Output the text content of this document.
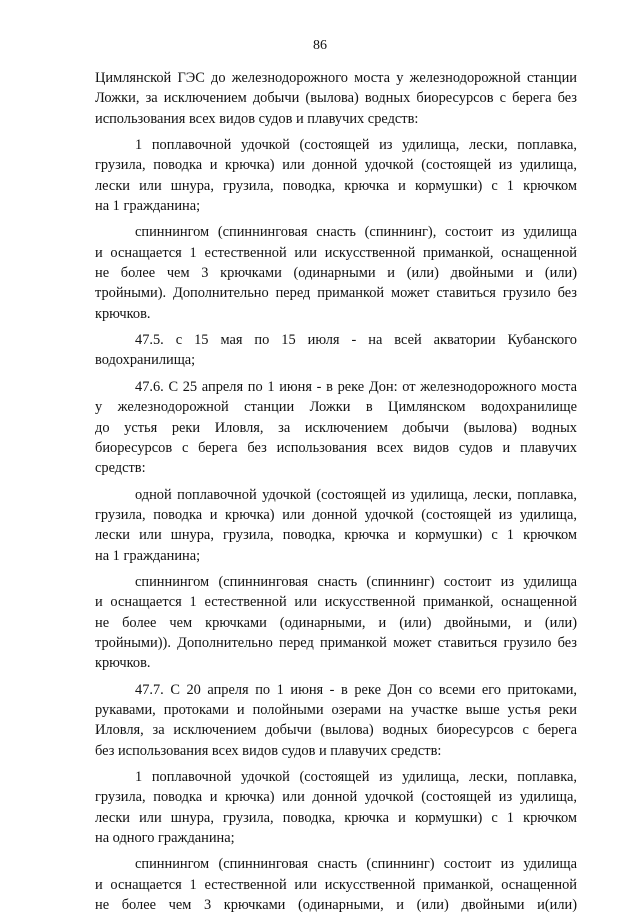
86
Цимлянской ГЭС до железнодорожного моста у железнодорожной станции
Ложки, за исключением добычи (вылова) водных биоресурсов с берега без
использования всех видов судов и плавучих средств:
1 поплавочной удочкой (состоящей из удилища, лески, поплавка,
грузила, поводка и крючка) или донной удочкой (состоящей из удилища,
лески или шнура, грузила, поводка, крючка и кормушки) с 1 крючком
на 1 гражданина;
спиннингом (спиннинговая снасть (спиннинг), состоит из удилища
и оснащается 1 естественной или искусственной приманкой, оснащенной
не более чем 3 крючками (одинарными и (или) двойными и (или)
тройными). Дополнительно перед приманкой может ставиться грузило без
крючков.
47.5. с 15 мая по 15 июля - на всей акватории Кубанского
водохранилища;
47.6. С 25 апреля по 1 июня - в реке Дон: от железнодорожного моста
у железнодорожной станции Ложки в Цимлянском водохранилище
до устья реки Иловля, за исключением добычи (вылова) водных
биоресурсов с берега без использования всех видов судов и плавучих
средств:
одной поплавочной удочкой (состоящей из удилища, лески, поплавка,
грузила, поводка и крючка) или донной удочкой (состоящей из удилища,
лески или шнура, грузила, поводка, крючка и кормушки) с 1 крючком
на 1 гражданина;
спиннингом (спиннинговая снасть (спиннинг) состоит из удилища
и оснащается 1 естественной или искусственной приманкой, оснащенной
не более чем крючками (одинарными, и (или) двойными, и (или)
тройными)). Дополнительно перед приманкой может ставиться грузило без
крючков.
47.7. С 20 апреля по 1 июня - в реке Дон со всеми его притоками,
рукавами, протоками и полойными озерами на участке выше устья реки
Иловля, за исключением добычи (вылова) водных биоресурсов с берега
без использования всех видов судов и плавучих средств:
1 поплавочной удочкой (состоящей из удилища, лески, поплавка,
грузила, поводка и крючка) или донной удочкой (состоящей из удилища,
лески или шнура, грузила, поводка, крючка и кормушки) с 1 крючком
на одного гражданина;
спиннингом (спиннинговая снасть (спиннинг) состоит из удилища
и оснащается 1 естественной или искусственной приманкой, оснащенной
не более чем 3 крючками (одинарными, и (или) двойными и(или)
